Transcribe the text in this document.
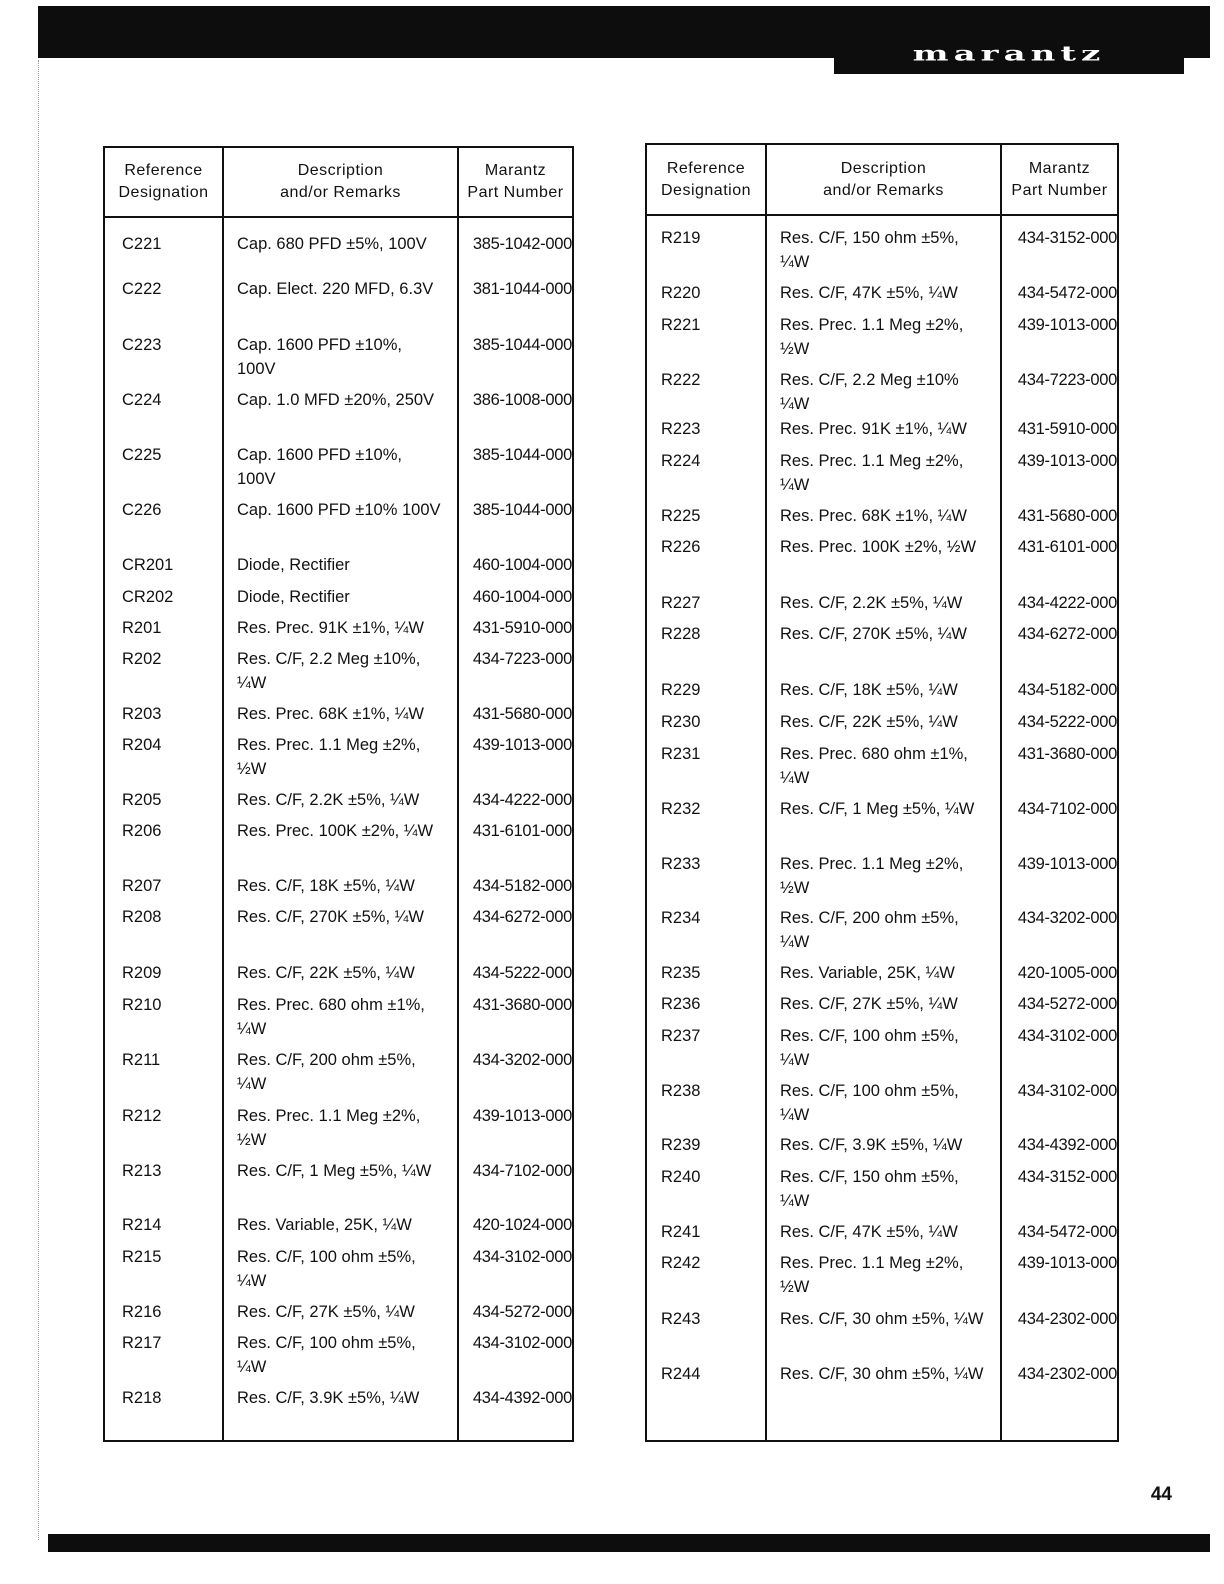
marantz
Reference
Designation
Description
and/or Remarks
Marantz
Part Number
C221	Cap. 680 PFD ±5%, 100V	385-1042-000
C222	Cap. Elect. 220 MFD, 6.3V	381-1044-000
C223	Cap. 1600 PFD ±10%, 100V
385-1044-000
C224	Cap. 1.0 MFD ±20%, 250V	386-1008-000
C225	Cap. 1600 PFD ±10%, 100V
385-1044-000
C226	Cap. 1600 PFD ±10% 100V 385-1044-000
CR201	Diode, Rectifier	460-1004-000
CR202	Diode, Rectifier	460-1004-000
R201	Res. Prec. 91K ±1%, ¼W	431-5910-000
R202	Res. C/F, 2.2 Meg ±10%, ¼W
434-7223-000
R203	Res. Prec. 68K ±1%, ¼W	431-5680-000
R204	Res. Prec. 1.1 Meg ±2%, ½W
439-1013-000
R205	Res. C/F, 2.2K ±5%, ¼W	434-4222-000
R206	Res. Prec. 100K ±2%, ¼W	431-6101-000
R207	Res. C/F, 18K ±5%, ¼W	434-5182-000
R208	Res. C/F, 270K ±5%, ¼W	434-6272-000
R209	Res. C/F, 22K ±5%, ¼W	434-5222-000
R210	Res. Prec. 680 ohm ±1%, ¼W
431-3680-000
R211	Res. C/F, 200 ohm ±5%, ¼W
434-3202-000
R212	Res. Prec. 1.1 Meg ±2%, ½W
439-1013-000
R213	Res. C/F, 1 Meg ±5%, ¼W	434-7102-000
R214	Res. Variable, 25K, ¼W	420-1024-000
R215	Res. C/F, 100 ohm ±5%, ¼W
434-3102-000
R216	Res. C/F, 27K ±5%, ¼W	434-5272-000
R217	Res. C/F, 100 ohm ±5%, ¼W
434-3102-000
R218	Res. C/F, 3.9K ±5%, ¼W	434-4392-000
Reference
Designation
Description
and/or Remarks
Marantz
Part Number
R219	Res. C/F, 150 ohm ±5%, ¼W
434-3152-000
R220	Res. C/F, 47K ±5%, ¼W	434-5472-000
R221	Res. Prec. 1.1 Meg ±2%, ½W
439-1013-000
R222	Res. C/F, 2.2 Meg ±10% ¼W
434-7223-000
R223	Res. Prec. 91K ±1%, ¼W	431-5910-000
R224	Res. Prec. 1.1 Meg ±2%, ¼W
439-1013-000
R225	Res. Prec. 68K ±1%, ¼W	431-5680-000
R226	Res. Prec. 100K ±2%, ½W	431-6101-000
R227	Res. C/F, 2.2K ±5%, ¼W	434-4222-000
R228	Res. C/F, 270K ±5%, ¼W	434-6272-000
R229	Res. C/F, 18K ±5%, ¼W	434-5182-000
R230	Res. C/F, 22K ±5%, ¼W	434-5222-000
R231	Res. Prec. 680 ohm ±1%, ¼W
431-3680-000
R232	Res. C/F, 1 Meg ±5%, ¼W	434-7102-000
R233	Res. Prec. 1.1 Meg ±2%, ½W
439-1013-000
R234	Res. C/F, 200 ohm ±5%, ¼W
434-3202-000
R235	Res. Variable, 25K, ¼W	420-1005-000
R236	Res. C/F, 27K ±5%, ¼W	434-5272-000
R237	Res. C/F, 100 ohm ±5%, ¼W
434-3102-000
R238	Res. C/F, 100 ohm ±5%, ¼W
434-3102-000
R239	Res. C/F, 3.9K ±5%, ¼W	434-4392-000
R240	Res. C/F, 150 ohm ±5%, ¼W
434-3152-000
R241	Res. C/F, 47K ±5%, ¼W	434-5472-000
R242	Res. Prec. 1.1 Meg ±2%, ½W
439-1013-000
R243	Res. C/F, 30 ohm ±5%, ¼W 434-2302-000
R244	Res. C/F, 30 ohm ±5%, ¼W 434-2302-000
44
